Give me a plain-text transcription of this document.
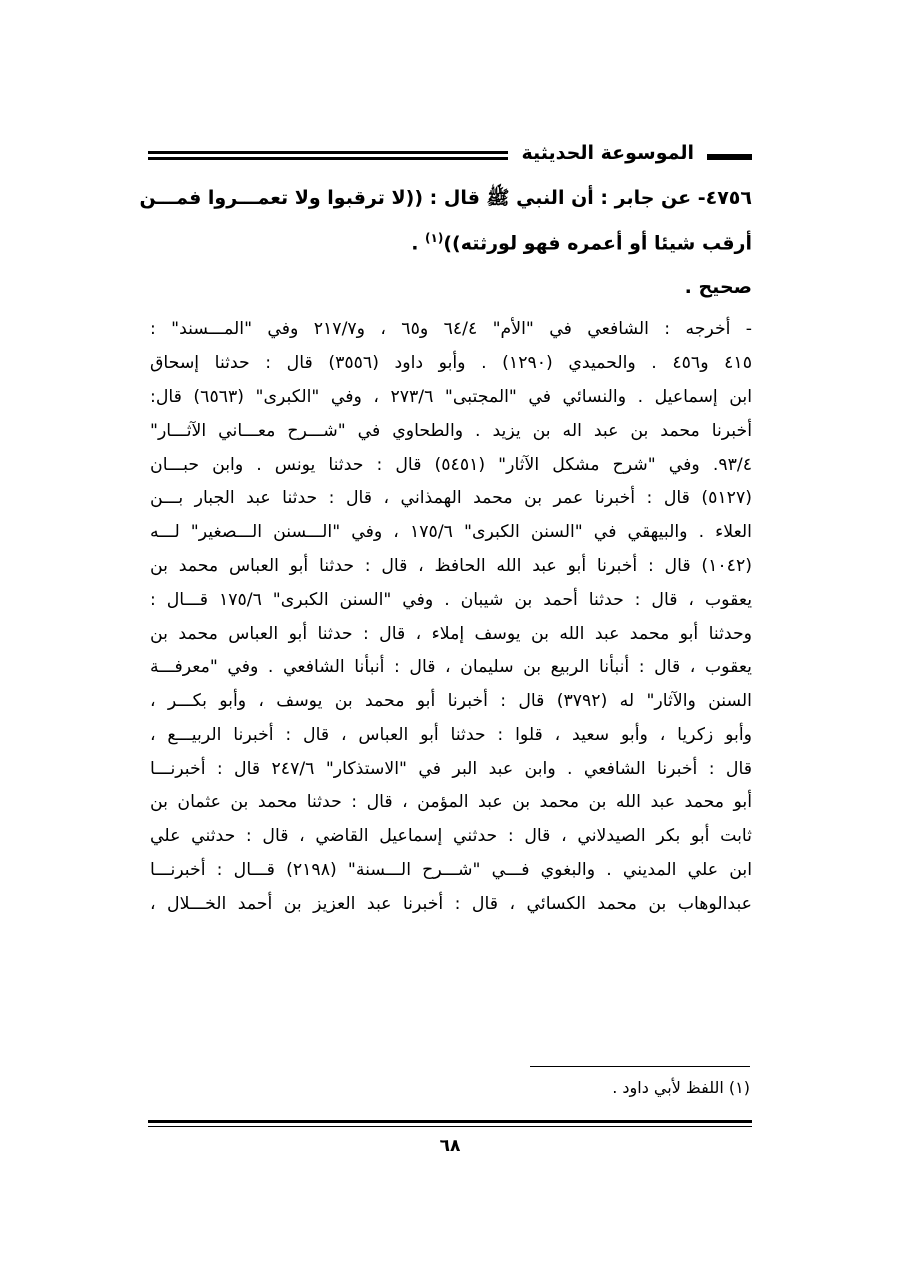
الموسوعة الحديثية

٤٧٥٦- عن جابر : أن النبي ﷺ قال : ((لا ترقبوا ولا تعمـــروا فمـــن
أرقب شيئا أو أعمره فهو لورثته))$^{(١)}$ .

صحيح .

- أخرجه : الشافعي في "الأم" ٦٤/٤ و٦٥ ، و٢١٧/٧ وفي "المـــسند" :
٤١٥ و٤٥٦ . والحميدي (١٢٩٠) . وأبو داود (٣٥٥٦) قال : حدثنا إسحاق
ابن إسماعيل . والنسائي في "المجتبى" ٢٧٣/٦ ، وفي "الكبرى" (٦٥٦٣) قال:
أخبرنا محمد بن عبد اله بن يزيد . والطحاوي في "شـــرح معـــاني الآثـــار"
٩٣/٤. وفي "شرح مشكل الآثار" (٥٤٥١) قال : حدثنا يونس . وابن حبـــان
(٥١٢٧) قال : أخبرنا عمر بن محمد الهمذاني ، قال : حدثنا عبد الجبار بـــن
العلاء . والبيهقي في "السنن الكبرى" ١٧٥/٦ ، وفي "الـــسنن الـــصغير" لـــه
(١٠٤٢) قال : أخبرنا أبو عبد الله الحافظ ، قال : حدثنا أبو العباس محمد بن
يعقوب ، قال : حدثنا أحمد بن شيبان . وفي "السنن الكبرى" ١٧٥/٦ قـــال :
وحدثنا أبو محمد عبد الله بن يوسف إملاء ، قال : حدثنا أبو العباس محمد بن
يعقوب ، قال : أنبأنا الربيع بن سليمان ، قال : أنبأنا الشافعي . وفي "معرفـــة
السنن والآثار" له (٣٧٩٢) قال : أخبرنا أبو محمد بن يوسف ، وأبو بكـــر ،
وأبو زكريا ، وأبو سعيد ، قلوا : حدثنا أبو العباس ، قال : أخبرنا الربيـــع ،
قال : أخبرنا الشافعي . وابن عبد البر في "الاستذكار" ٢٤٧/٦ قال : أخبرنـــا
أبو محمد عبد الله بن محمد بن عبد المؤمن ، قال : حدثنا محمد بن عثمان بن
ثابت أبو بكر الصيدلاني ، قال : حدثني إسماعيل القاضي ، قال : حدثني علي
ابن علي المديني . والبغوي فـــي "شـــرح الـــسنة" (٢١٩٨) قـــال : أخبرنـــا
عبدالوهاب بن محمد الكسائي ، قال : أخبرنا عبد العزيز بن أحمد الخـــلال ،
(١) اللفظ لأبي داود .
٦٨
